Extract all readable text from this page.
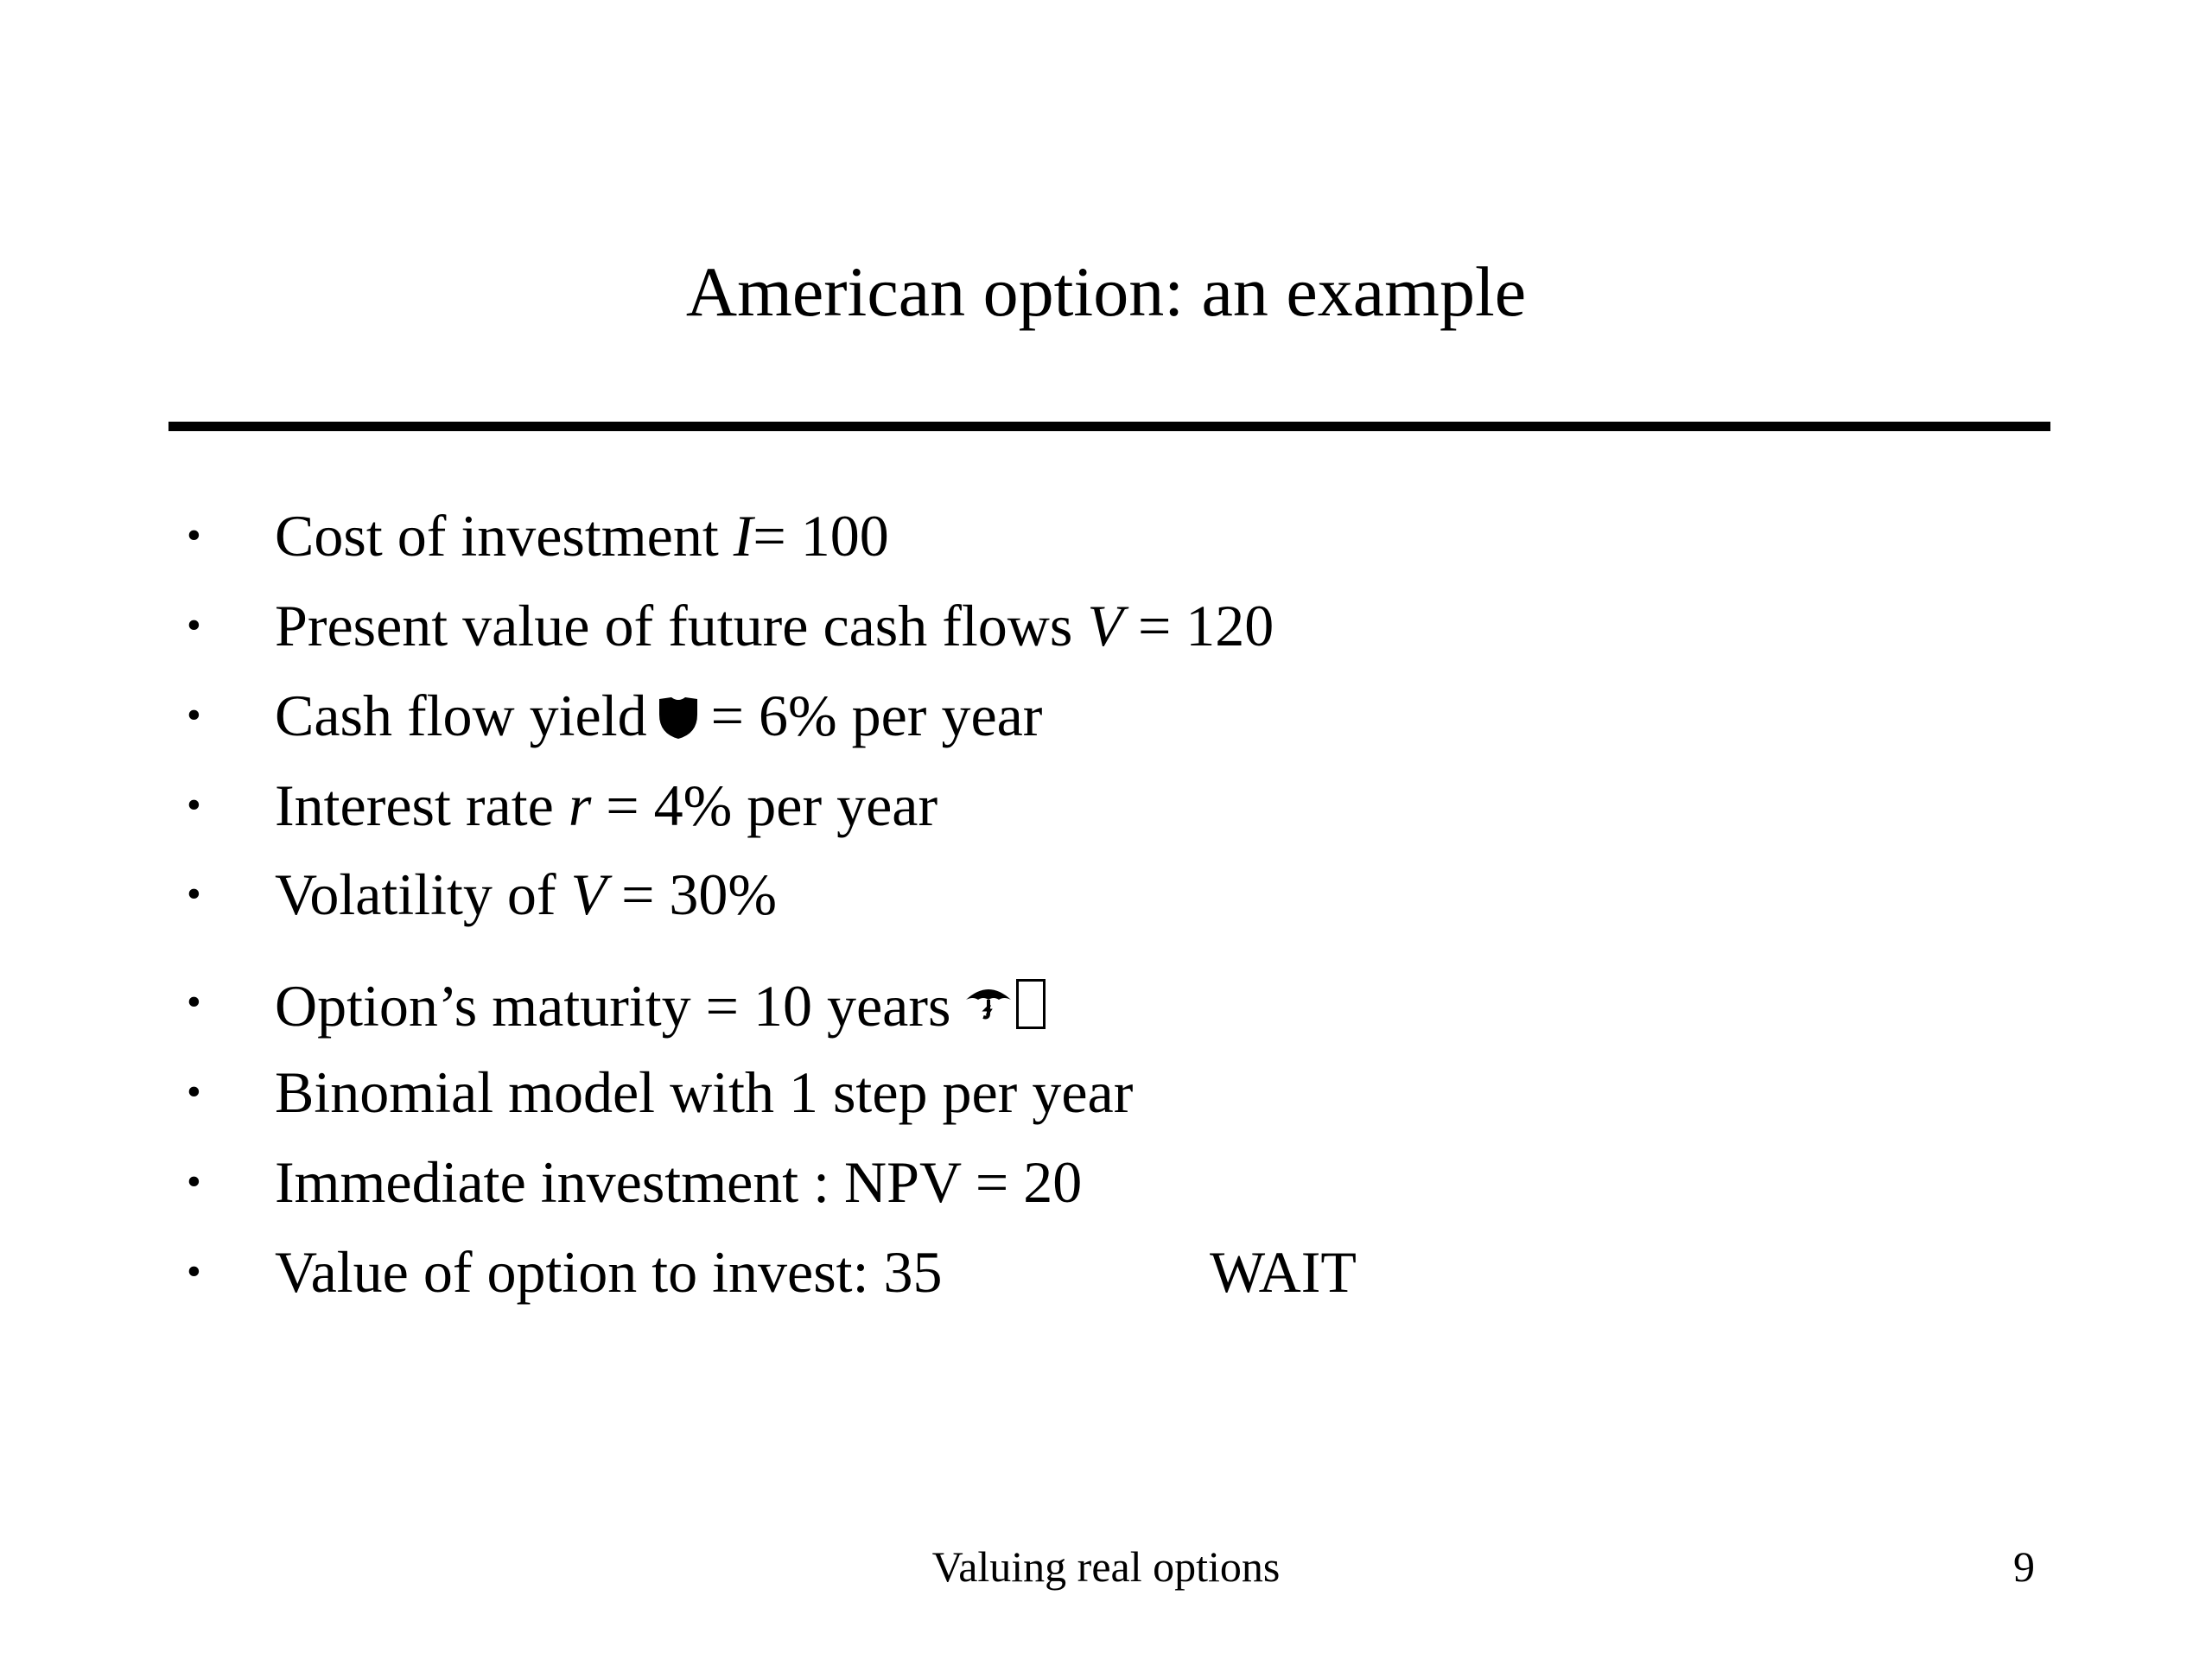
American option: an example
• Cost of investment I= 100
• Present value of future cash flows V = 120
• Cash flow yield = 6% per year
• Interest rate r = 4% per year
• Volatility of V = 30%
• Option’s maturity = 10 years
• Binomial model with 1 step per year
• Immediate investment : NPV = 20
• Value of option to invest: 35	WAIT
Valuing real options	9
